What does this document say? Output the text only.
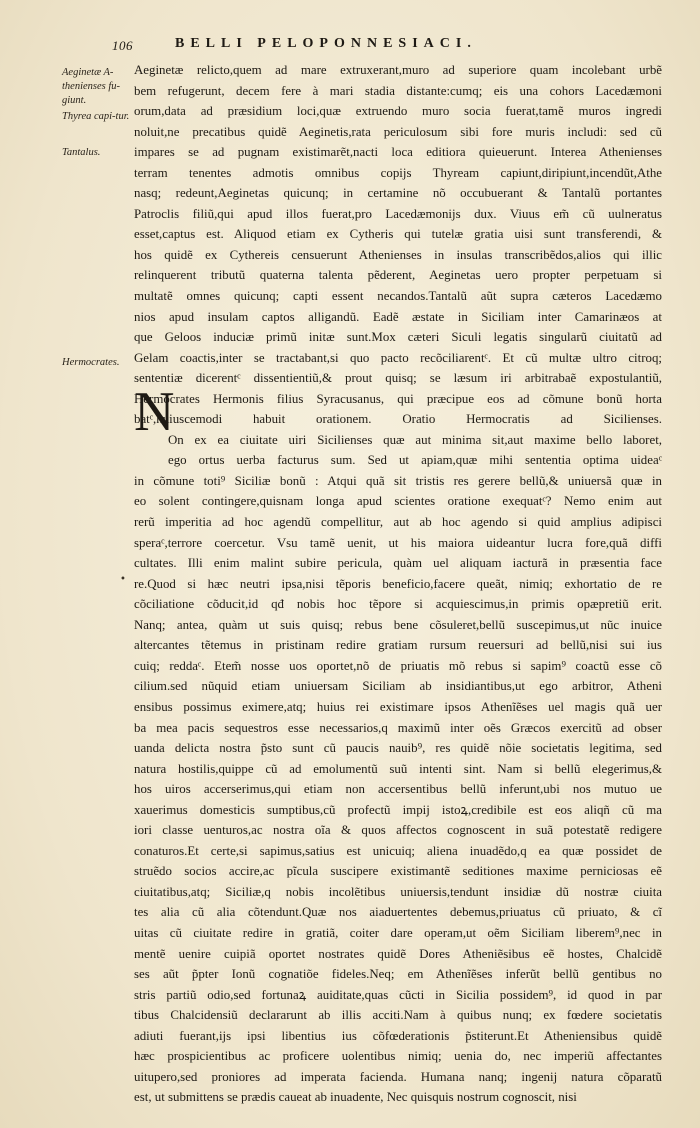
106	BELLI PELOPONNESIACI.
Aeginetæ A-thenienses fu-giunt.
Thyrea capi-tur.
Tantalus.
Hermocrates.
N
•
Aeginetæ relicto,quem ad mare extruxerant,muro ad superiore quam incolebant urbẽ
bem refugerunt, decem fere à mari stadia distante:cumq; eis una cohors Lacedæmoni
orum,data ad præsidium loci,quæ extruendo muro socia fuerat,tamẽ muros ingredi
noluit,ne precatibus quidẽ Aeginetis,rata periculosum sibi fore muris includi: sed cũ
impares se ad pugnam existimarẽt,nacti loca editiora quieuerunt. Interea Athenienses
terram tenentes admotis omnibus copijs Thyream capiunt,diripiunt,incendũt,Athe
nasq; redeunt,Aeginetas quicunq; in certamine nõ occubuerant & Tantalũ portantes
Patroclis filiũ,qui apud illos fuerat,pro Lacedæmonijs dux. Viuus em̃ cũ uulneratus
esset,captus est. Aliquod etiam ex Cytheris qui tutelæ gratia uisi sunt transferendi, &
hos quidẽ ex Cythereis censuerunt Athenienses in insulas transcribẽdos,alios qui illic
relinquerent tributũ quaterna talenta pẽderent, Aeginetas uero propter perpetuam si
multatẽ omnes quicunq; capti essent necandos.Tantalũ aũt supra cæteros Lacedæmo
nios apud insulam captos alligandũ. Eadẽ æstate in Siciliam inter Camarinæos at
que Geloos induciæ primũ initæ sunt.Mox cæteri Siculi legatis singularũ ciuitatũ ad
Gelam coactis,inter se tractabant,si quo pacto recõciliarentᶜ. Et cũ multæ ultro citroq;
sententiæ dicerentᶜ dissentientiũ,& prout quisq; se læsum iri arbitrabaẽ expostulantiũ,
Hermocrates Hermonis filius Syracusanus, qui præcipue eos ad cõmune bonũ horta
batᶜ,huiuscemodi habuit orationem. Oratio Hermocratis ad Sicilienses.
On ex ea ciuitate uiri Sicilienses quæ aut minima sit,aut maxime bello laboret,
ego ortus uerba facturus sum. Sed ut apiam,quæ mihi sententia optima uideaᶜ
in cõmune toti⁹ Siciliæ bonũ : Atqui quã sit tristis res gerere bellũ,& uniuersã quæ in
eo solent contingere,quisnam longa apud scientes oratione exequatᶜ? Nemo enim aut
rerũ imperitia ad hoc agendũ compellitur, aut ab hoc agendo si quid amplius adipisci
speraᶜ,terrore coercetur. Vsu tamẽ uenit, ut his maiora uideantur lucra fore,quã diffi
cultates. Illi enim malint subire pericula, quàm uel aliquam iacturã in præsentia face
re.Quod si hæc neutri ipsa,nisi tẽporis beneficio,facere queãt, nimiq; exhortatio de re
cõciliatione cõducit,id qđ nobis hoc tẽpore si acquiescimus,in primis opæpretiũ erit.
Nanq; antea, quàm ut suis quisq; rebus bene cõsuleret,bellũ suscepimus,ut nũc inuice
altercantes tẽtemus in pristinam redire gratiam rursum reuersuri ad bellũ,nisi sui ius
cuiq; reddaᶜ. Etem̃ nosse uos oportet,nõ de priuatis mõ rebus si sapim⁹ coactũ esse cõ
cilium.sed nũquid etiam uniuersam Siciliam ab insidiantibus,ut ego arbitror, Atheni
ensibus possimus eximere,atq; huius rei existimare ipsos Athenĩẽses uel magis quã uer
ba mea pacis sequestros esse necessarios,q maximũ inter oẽs Græcos exercitũ ad obser
uanda delicta nostra p̃sto sunt cũ paucis nauib⁹, res quidẽ nõie societatis legitima, sed
natura hostilis,quippe cũ ad emolumentũ suũ intenti sint. Nam si bellũ elegerimus,&
hos uiros accerserimus,qui etiam non accersentibus bellũ inferunt,ubi nos mutuo ue
xauerimus domesticis sumptibus,cũ profectũ impij istoꝝ,credibile est eos aliqñ cũ ma
iori classe uenturos,ac nostra oĩa & quos affectos cognoscent in suã potestatẽ redigere
conaturos.Et certe,si sapimus,satius est unicuiq; aliena inuadẽdo,q ea quæ possidet de
struẽdo socios accire,ac pĩcula suscipere existimantẽ seditiones maxime perniciosas eẽ
ciuitatibus,atq; Siciliæ,q nobis incolẽtibus uniuersis,tendunt insidiæ dũ nostræ ciuita
tes alia cũ alia cõtendunt.Quæ nos aiaduertentes debemus,priuatus cũ priuato, & cĩ
uitas cũ ciuitate redire in gratiã, coiter dare operam,ut oẽm Siciliam liberem⁹,nec in
mentẽ uenire cuipiã oportet nostrates quidẽ Dores Atheniẽsibus eẽ hostes, Chalcidẽ
ses aũt p̃pter Ionũ cognatiõe fideles.Neq; em Athenĩẽses inferũt bellũ gentibus no
stris partiũ odio,sed fortunaꝝ auiditate,quas cũcti in Sicilia possidem⁹, id quod in par
tibus Chalcidensiũ declararunt ab illis acciti.Nam à quibus nunq; ex fœdere societatis
adiuti fuerant,ijs ipsi libentius ius cõfœderationis p̃stiterunt.Et Atheniensibus quidẽ
hæc prospicientibus ac proficere uolentibus nimiq; uenia do, nec imperiũ affectantes
uitupero,sed proniores ad imperata facienda. Humana nanq; ingenij natura cõparatũ
est, ut submittens se prædis caueat ab inuadente, Nec quisquis nostrum cognoscit, nisi
